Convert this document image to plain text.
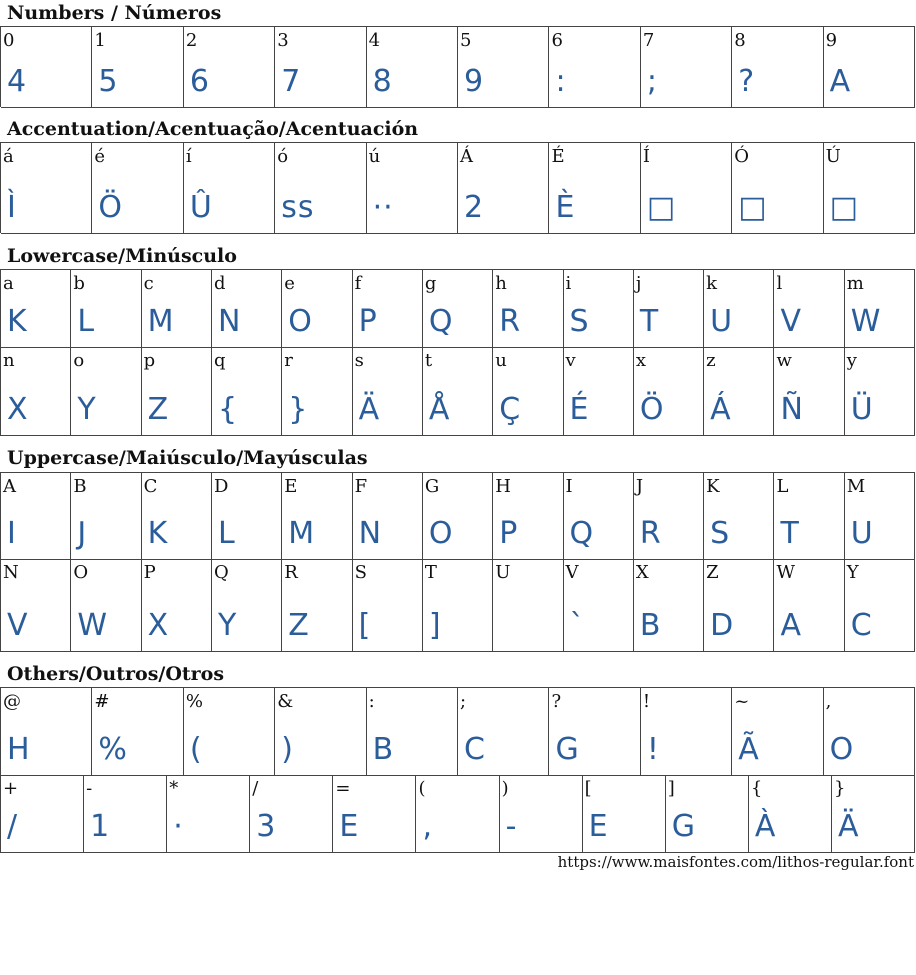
Numbers / Números
0
4
1
5
2
6
3
7
4
8
5
9
6
:
7
;
8
?
9
A
Accentuation/Acentuação/Acentuación
á
Ì
é
Ö
í
Û
ó
ss
ú
··
Á
2
É
È
Í
□
Ó
□
Ú
□
Lowercase/Minúsculo
a
K
b
L
c
M
d
N
e
O
f
P
g
Q
h
R
i
S
j
T
k
U
l
V
m
W
n
X
o
Y
p
Z
q
{
r
}
s
Ä
t
Å
u
Ç
v
É
x
Ö
z
Á
w
Ñ
y
Ü
Uppercase/Maiúsculo/Mayúsculas
A
I
B
J
C
K
D
L
E
M
F
N
G
O
H
P
I
Q
J
R
K
S
L
T
M
U
N
V
O
W
P
X
Q
Y
R
Z
S
[
T
]
U	V
`
X
B
Z
D
W
A
Y
C
Others/Outros/Otros
@
H
#
%
%
(
&
)
:
B
;
C
?
G
!
!
~
Ã
,
O
+
/
-
1
*
·
/
3
=
E
(
,
)
-
[
E
]
G
{
À
}
Ä
https://www.maisfontes.com/lithos-regular.font
